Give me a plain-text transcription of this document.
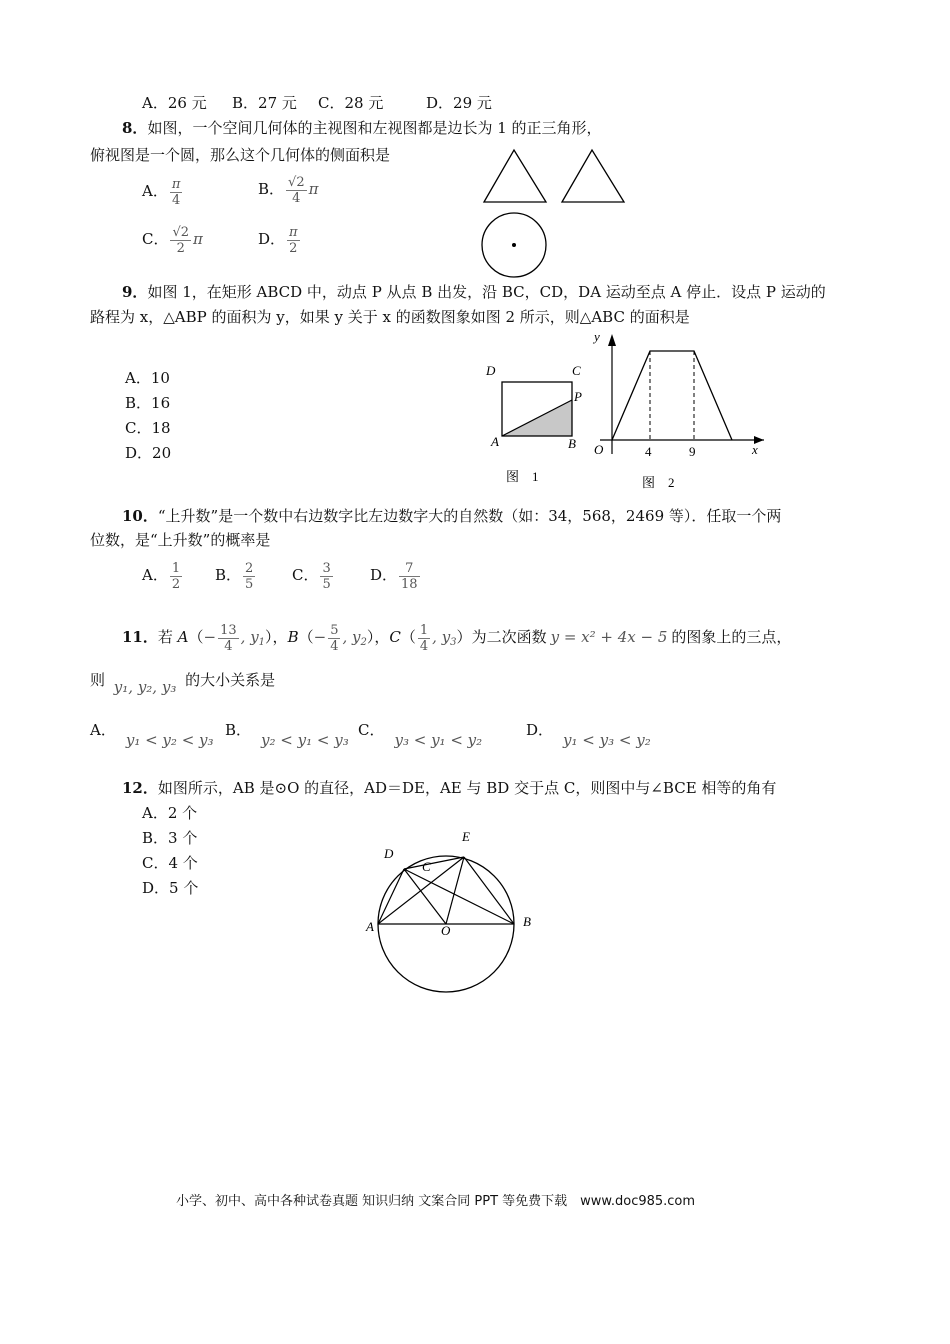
A．26 元 B．27 元 C．28 元	D．29 元
8．如图，一个空间几何体的主视图和左视图都是边长为 1 的正三角形，
俯视图是一个圆，那么这个几何体的侧面积是
A． $\frac{\pi}{4}$	B． $\frac{√2}{4}$ π
C． $\frac{√2}{2}$ π	D． $\frac{\pi}{2}$
9．如图 1，在矩形 ABCD 中，动点 P 从点 B 出发，沿 BC，CD，DA 运动至点 A 停止．设点 P 运动的
路程为 x，△ABP 的面积为 y，如果 y 关于 x 的函数图象如图 2 所示，则△ABC 的面积是
A．10
B．16
C．18
D．20
D	C
P
A	B
图　1
y
x
O	4	9
图　2
10．“上升数”是一个数中右边数字比左边数字大的自然数（如：34，568，2469 等）．任取一个两
位数，是“上升数”的概率是
A． $\frac{1}{2}$ B． $\frac{2}{5}$ C． $\frac{3}{5}$ D． $\frac{7}{18}$
11．若 $A(- \frac{13}{4}$ , $y_1$），$B(- \frac{5}{4}$ , $y_2$），$C( \frac{1}{4}$ , $y_3$）为二次函数 y = x² + 4x − 5 的图象上的三点，
则 y₁, y₂, y₃ 的大小关系是
A．y₁ < y₂ < y₃
B．y₂ < y₁ < y₃
C．y₃ < y₁ < y₂
D．y₁ < y₃ < y₂
12．如图所示，AB 是⊙O 的直径，AD＝DE，AE 与 BD 交于点 C，则图中与∠BCE 相等的角有
A．2 个
B．3 个
C．4 个
D．5 个
D
E
C
A	O
B
小学、初中、高中各种试卷真题 知识归纳 文案合同 PPT 等免费下载　www.doc985.com
